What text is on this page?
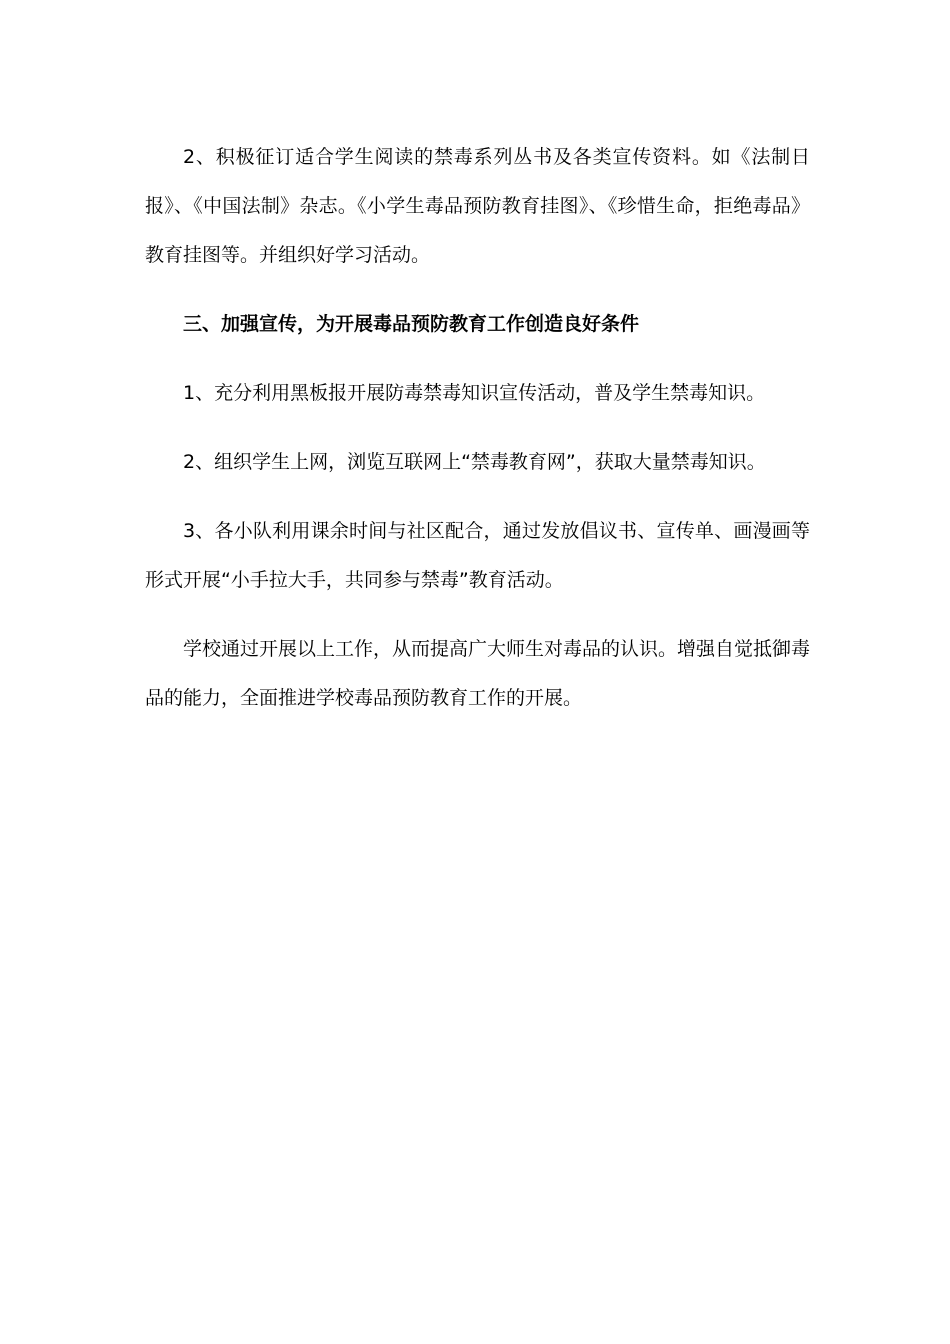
2、积极征订适合学生阅读的禁毒系列丛书及各类宣传资料。如《法制日报》、《中国法制》杂志。《小学生毒品预防教育挂图》、《珍惜生命，拒绝毒品》教育挂图等。并组织好学习活动。

三、加强宣传，为开展毒品预防教育工作创造良好条件

1、充分利用黑板报开展防毒禁毒知识宣传活动，普及学生禁毒知识。

2、组织学生上网，浏览互联网上“禁毒教育网”，获取大量禁毒知识。

3、各小队利用课余时间与社区配合，通过发放倡议书、宣传单、画漫画等形式开展“小手拉大手，共同参与禁毒”教育活动。

学校通过开展以上工作，从而提高广大师生对毒品的认识。增强自觉抵御毒品的能力，全面推进学校毒品预防教育工作的开展。
